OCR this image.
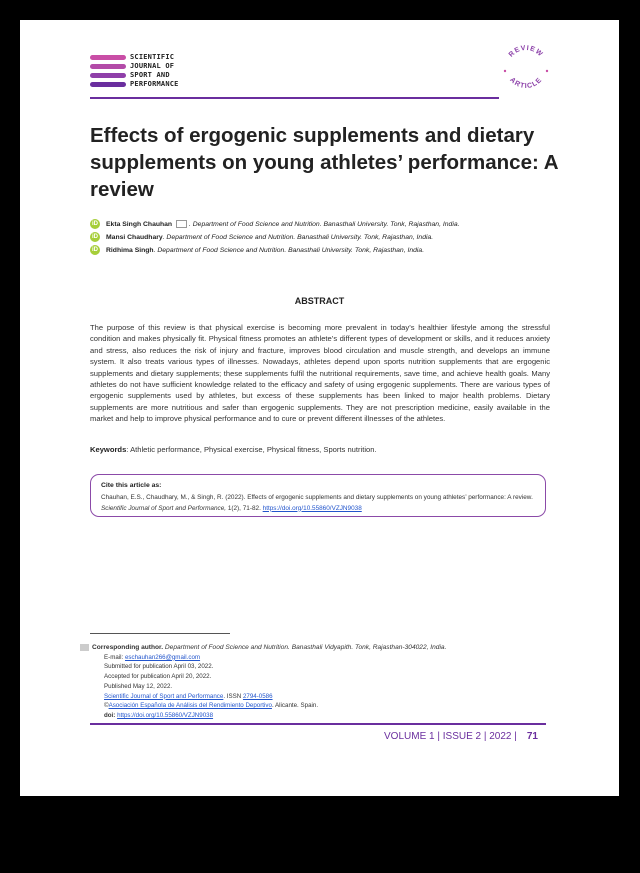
SCIENTIFIC
JOURNAL OF
SPORT AND
PERFORMANCE
REVIEW
ARTICLE
Effects of ergogenic supplements and dietary supplements on young athletes’ performance: A review
iD Ekta Singh Chauhan . Department of Food Science and Nutrition. Banasthali University. Tonk, Rajasthan, India.
iD Mansi Chaudhary. Department of Food Science and Nutrition. Banasthali University. Tonk, Rajasthan, India.
iD Ridhima Singh. Department of Food Science and Nutrition. Banasthali University. Tonk, Rajasthan, India.
ABSTRACT

The purpose of this review is that physical exercise is becoming more prevalent in today’s healthier lifestyle among the stressful condition and makes physically fit. Physical fitness promotes an athlete’s different types of development or skills, and it reduces anxiety and stress, also reduces the risk of injury and fracture, improves blood circulation and muscle strength, and develops an immune system. It also treats various types of illnesses. Nowadays, athletes depend upon sports nutrition supplements that are ergogenic supplements and dietary supplements; these supplements fulfil the nutritional requirements, save time, and achieve health goals. Many athletes do not have sufficient knowledge related to the efficacy and safety of using ergogenic supplements. There are various types of ergogenic supplements used by athletes, but excess of these supplements has been linked to major health problems. Dietary supplements are more nutritious and safer than ergogenic supplements. They are not prescription medicine, easily available in the market and help to improve physical performance and to cure or prevent different illnesses of the athletes.

Keywords: Athletic performance, Physical exercise, Physical fitness, Sports nutrition.

Cite this article as:
Chauhan, E.S., Chaudhary, M., & Singh, R. (2022). Effects of ergogenic supplements and dietary supplements on young athletes’ performance: A review. Scientific Journal of Sport and Performance, 1(2), 71-82. https://doi.org/10.55860/VZJN9038
Corresponding author. Department of Food Science and Nutrition. Banasthali Vidyapith. Tonk, Rajasthan-304022, India.
E-mail: eschauhan266@gmail.com
Submitted for publication April 03, 2022.
Accepted for publication April 20, 2022.
Published May 12, 2022.
Scientific Journal of Sport and Performance. ISSN 2794-0586
©Asociación Española de Análisis del Rendimiento Deportivo. Alicante. Spain.
doi: https://doi.org/10.55860/VZJN9038
VOLUME 1 | ISSUE 2 | 2022 | 71
